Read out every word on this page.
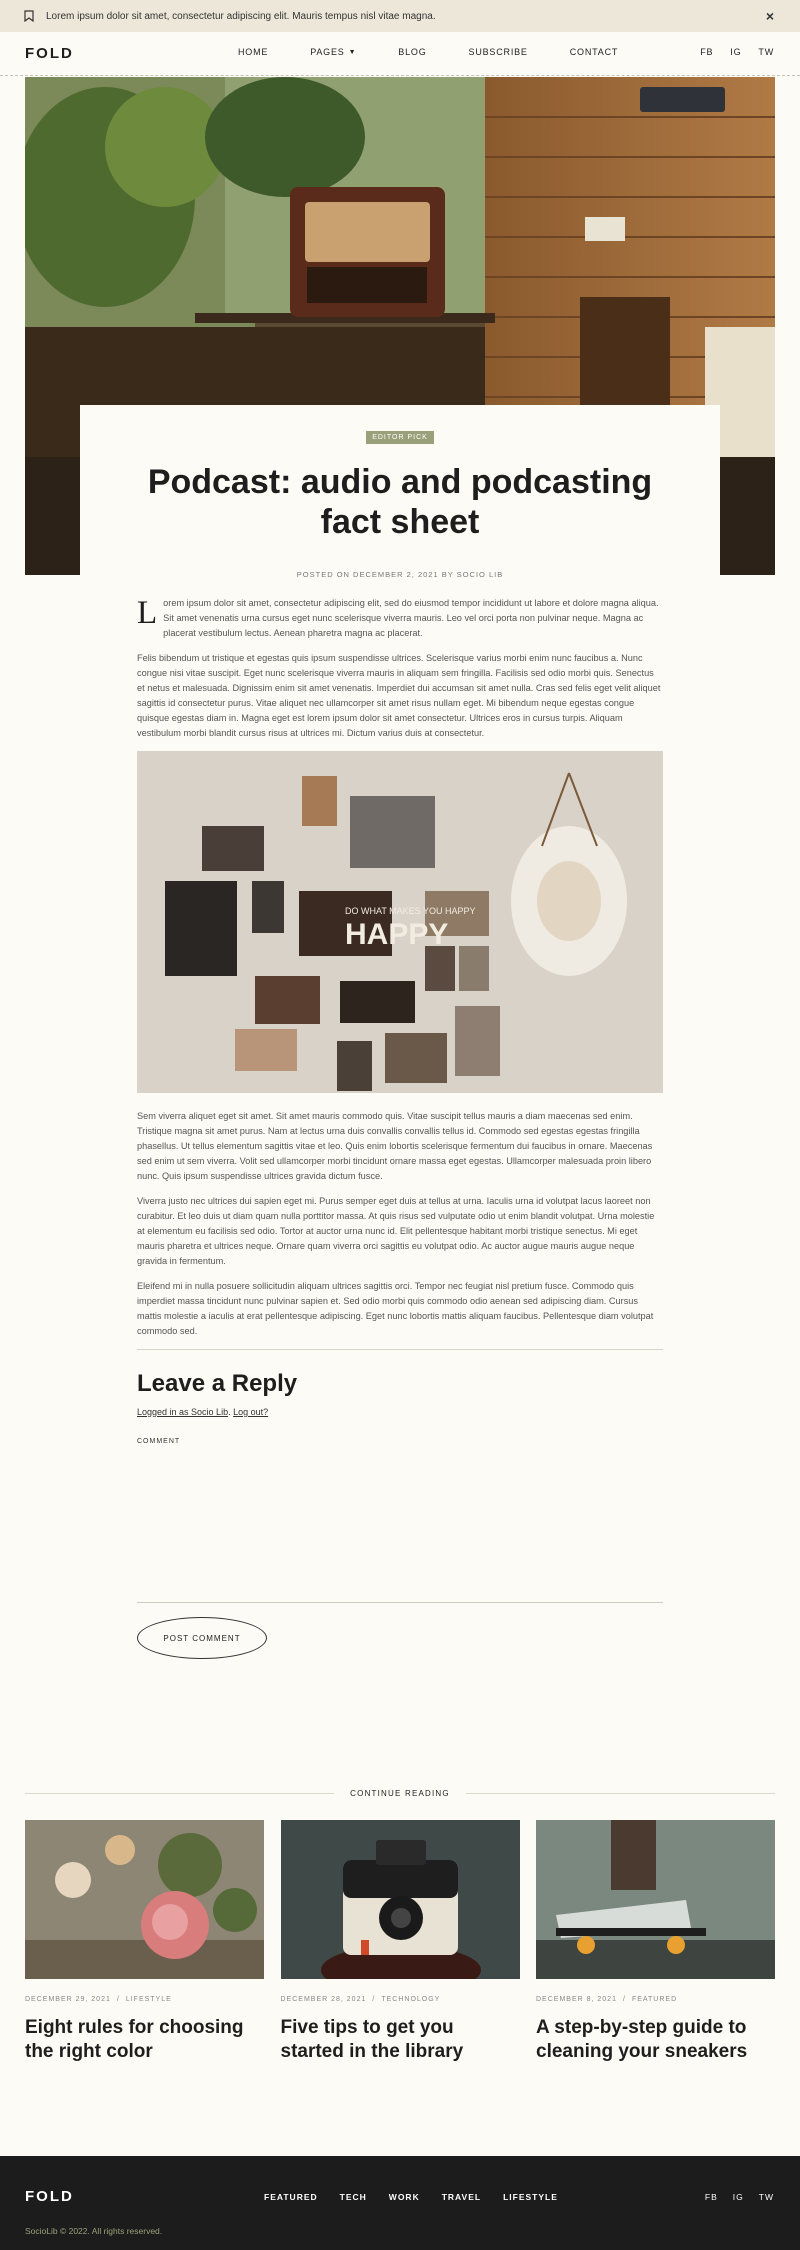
Lorem ipsum dolor sit amet, consectetur adipiscing elit. Mauris tempus nisl vitae magna.	×
FOLD	HOME	PAGES ▼	BLOG	SUBSCRIBE	CONTACT	FB IG TW
EDITOR PICK
Podcast: audio and podcasting fact sheet
POSTED ON DECEMBER 2, 2021 BY SOCIO LIB

L orem ipsum dolor sit amet, consectetur adipiscing elit, sed do eiusmod tempor incididunt ut labore et dolore magna aliqua. Sit amet venenatis urna cursus eget nunc scelerisque viverra mauris. Leo vel orci porta non pulvinar neque. Magna ac placerat vestibulum lectus. Aenean pharetra magna ac placerat.

Felis bibendum ut tristique et egestas quis ipsum suspendisse ultrices. Scelerisque varius morbi enim nunc faucibus a. Nunc congue nisi vitae suscipit. Eget nunc scelerisque viverra mauris in aliquam sem fringilla. Facilisis sed odio morbi quis. Senectus et netus et malesuada. Dignissim enim sit amet venenatis. Imperdiet dui accumsan sit amet nulla. Cras sed felis eget velit aliquet sagittis id consectetur purus. Vitae aliquet nec ullamcorper sit amet risus nullam eget. Mi bibendum neque egestas congue quisque egestas diam in. Magna eget est lorem ipsum dolor sit amet consectetur. Ultrices eros in cursus turpis. Aliquam vestibulum morbi blandit cursus risus at ultrices mi. Dictum varius duis at consectetur.

DO WHAT MAKES YOU HAPPY
HAPPY

Sem viverra aliquet eget sit amet. Sit amet mauris commodo quis. Vitae suscipit tellus mauris a diam maecenas sed enim. Tristique magna sit amet purus. Nam at lectus urna duis convallis convallis tellus id. Commodo sed egestas egestas fringilla phasellus. Ut tellus elementum sagittis vitae et leo. Quis enim lobortis scelerisque fermentum dui faucibus in ornare. Maecenas sed enim ut sem viverra. Volit sed ullamcorper morbi tincidunt ornare massa eget egestas. Ullamcorper malesuada proin libero nunc. Quis ipsum suspendisse ultrices gravida dictum fusce.

Viverra justo nec ultrices dui sapien eget mi. Purus semper eget duis at tellus at urna. Iaculis urna id volutpat lacus laoreet non curabitur. Et leo duis ut diam quam nulla porttitor massa. At quis risus sed vulputate odio ut enim blandit volutpat. Urna molestie at elementum eu facilisis sed odio. Tortor at auctor urna nunc id. Elit pellentesque habitant morbi tristique senectus. Mi eget mauris pharetra et ultrices neque. Ornare quam viverra orci sagittis eu volutpat odio. Ac auctor augue mauris augue neque gravida in fermentum.

Eleifend mi in nulla posuere sollicitudin aliquam ultrices sagittis orci. Tempor nec feugiat nisl pretium fusce. Commodo quis imperdiet massa tincidunt nunc pulvinar sapien et. Sed odio morbi quis commodo odio aenean sed adipiscing diam. Cursus mattis molestie a iaculis at erat pellentesque adipiscing. Eget nunc lobortis mattis aliquam faucibus. Pellentesque diam volutpat commodo sed.

Leave a Reply
Logged in as Socio Lib. Log out?
COMMENT
POST COMMENT
CONTINUE READING
DECEMBER 29, 2021 / LIFESTYLE
Eight rules for choosing the right color
DECEMBER 28, 2021 / TECHNOLOGY
Five tips to get you started in the library
DECEMBER 8, 2021 / FEATURED
A step-by-step guide to cleaning your sneakers
FOLD	FEATURED	TECH	WORK	TRAVEL	LIFESTYLE	FB IG TW
SocioLib © 2022. All rights reserved.
